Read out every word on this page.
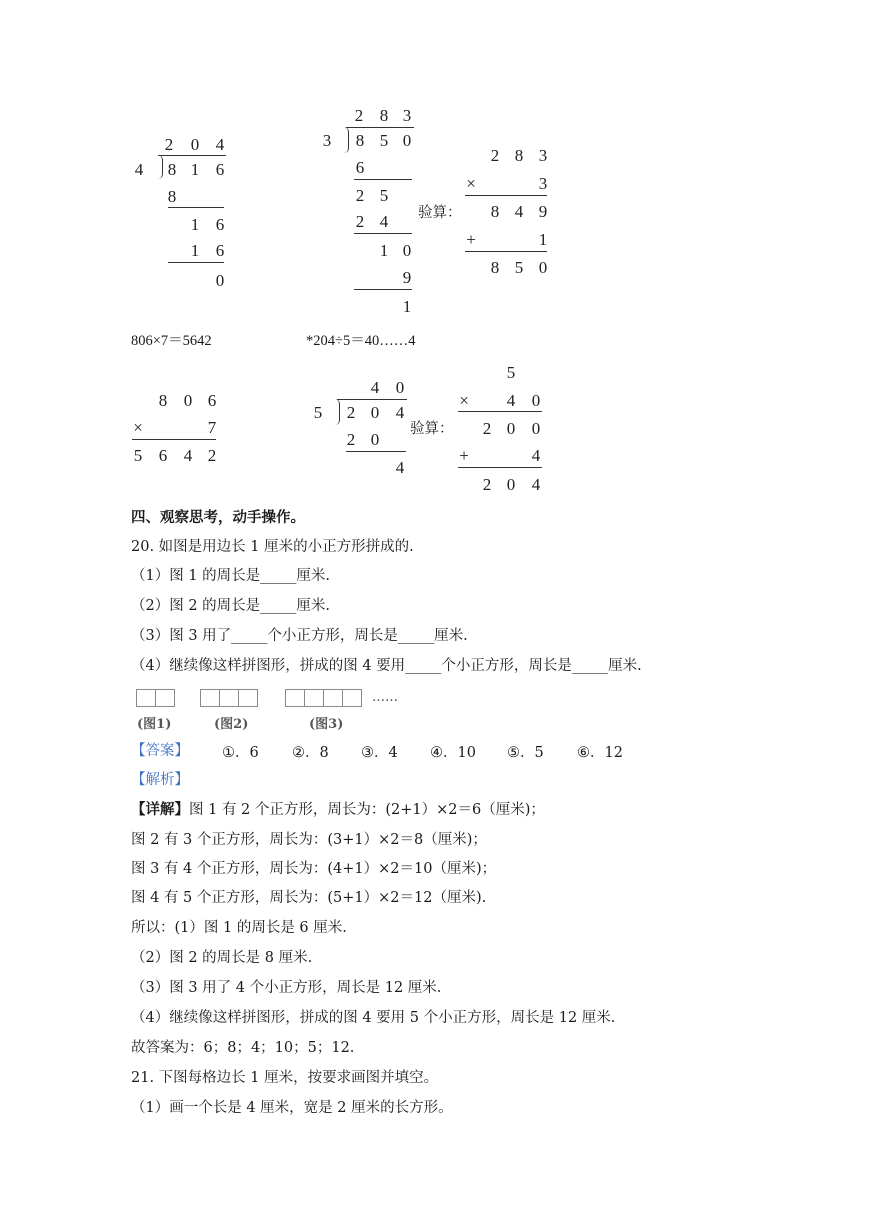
4
2 0 4
8 1 6
8
1 6
1 6
0
3
2 8 3
8 5 0
6
2 5
2 4
1 0
9
1
验算：
2 8 3
×	3
8 4 9
+	1
8 5 0
806×7＝5642	*204÷5＝40……4
8 0 6
×	7
5 6 4 2
5
4 0
2 0 4
2 0
4
验算：
5
× 4 0
2 0 0
+	4
2 0 4
四、观察思考，动手操作。
20. 如图是用边长 1 厘米的小正方形拼成的.
（1）图 1 的周长是_____厘米.
（2）图 2 的周长是_____厘米.
（3）图 3 用了_____个小正方形，周长是_____厘米.
（4）继续像这样拼图形，拼成的图 4 要用_____个小正方形，周长是_____厘米.
……
(图1)	(图2)	(图3)
【答案】 ①．6 ②．8 ③．4 ④．10 ⑤．5 ⑥．12
【解析】
【详解】图 1 有 2 个正方形，周长为：(2+1）×2＝6（厘米)；
图 2 有 3 个正方形，周长为：(3+1）×2＝8（厘米)；
图 3 有 4 个正方形，周长为：(4+1）×2＝10（厘米)；
图 4 有 5 个正方形，周长为：(5+1）×2＝12（厘米).
所以：(1）图 1 的周长是 6 厘米.
（2）图 2 的周长是 8 厘米.
（3）图 3 用了 4 个小正方形，周长是 12 厘米.
（4）继续像这样拼图形，拼成的图 4 要用 5 个小正方形，周长是 12 厘米.
故答案为：6；8；4；10；5；12.
21. 下图每格边长 1 厘米，按要求画图并填空。
（1）画一个长是 4 厘米，宽是 2 厘米的长方形。
